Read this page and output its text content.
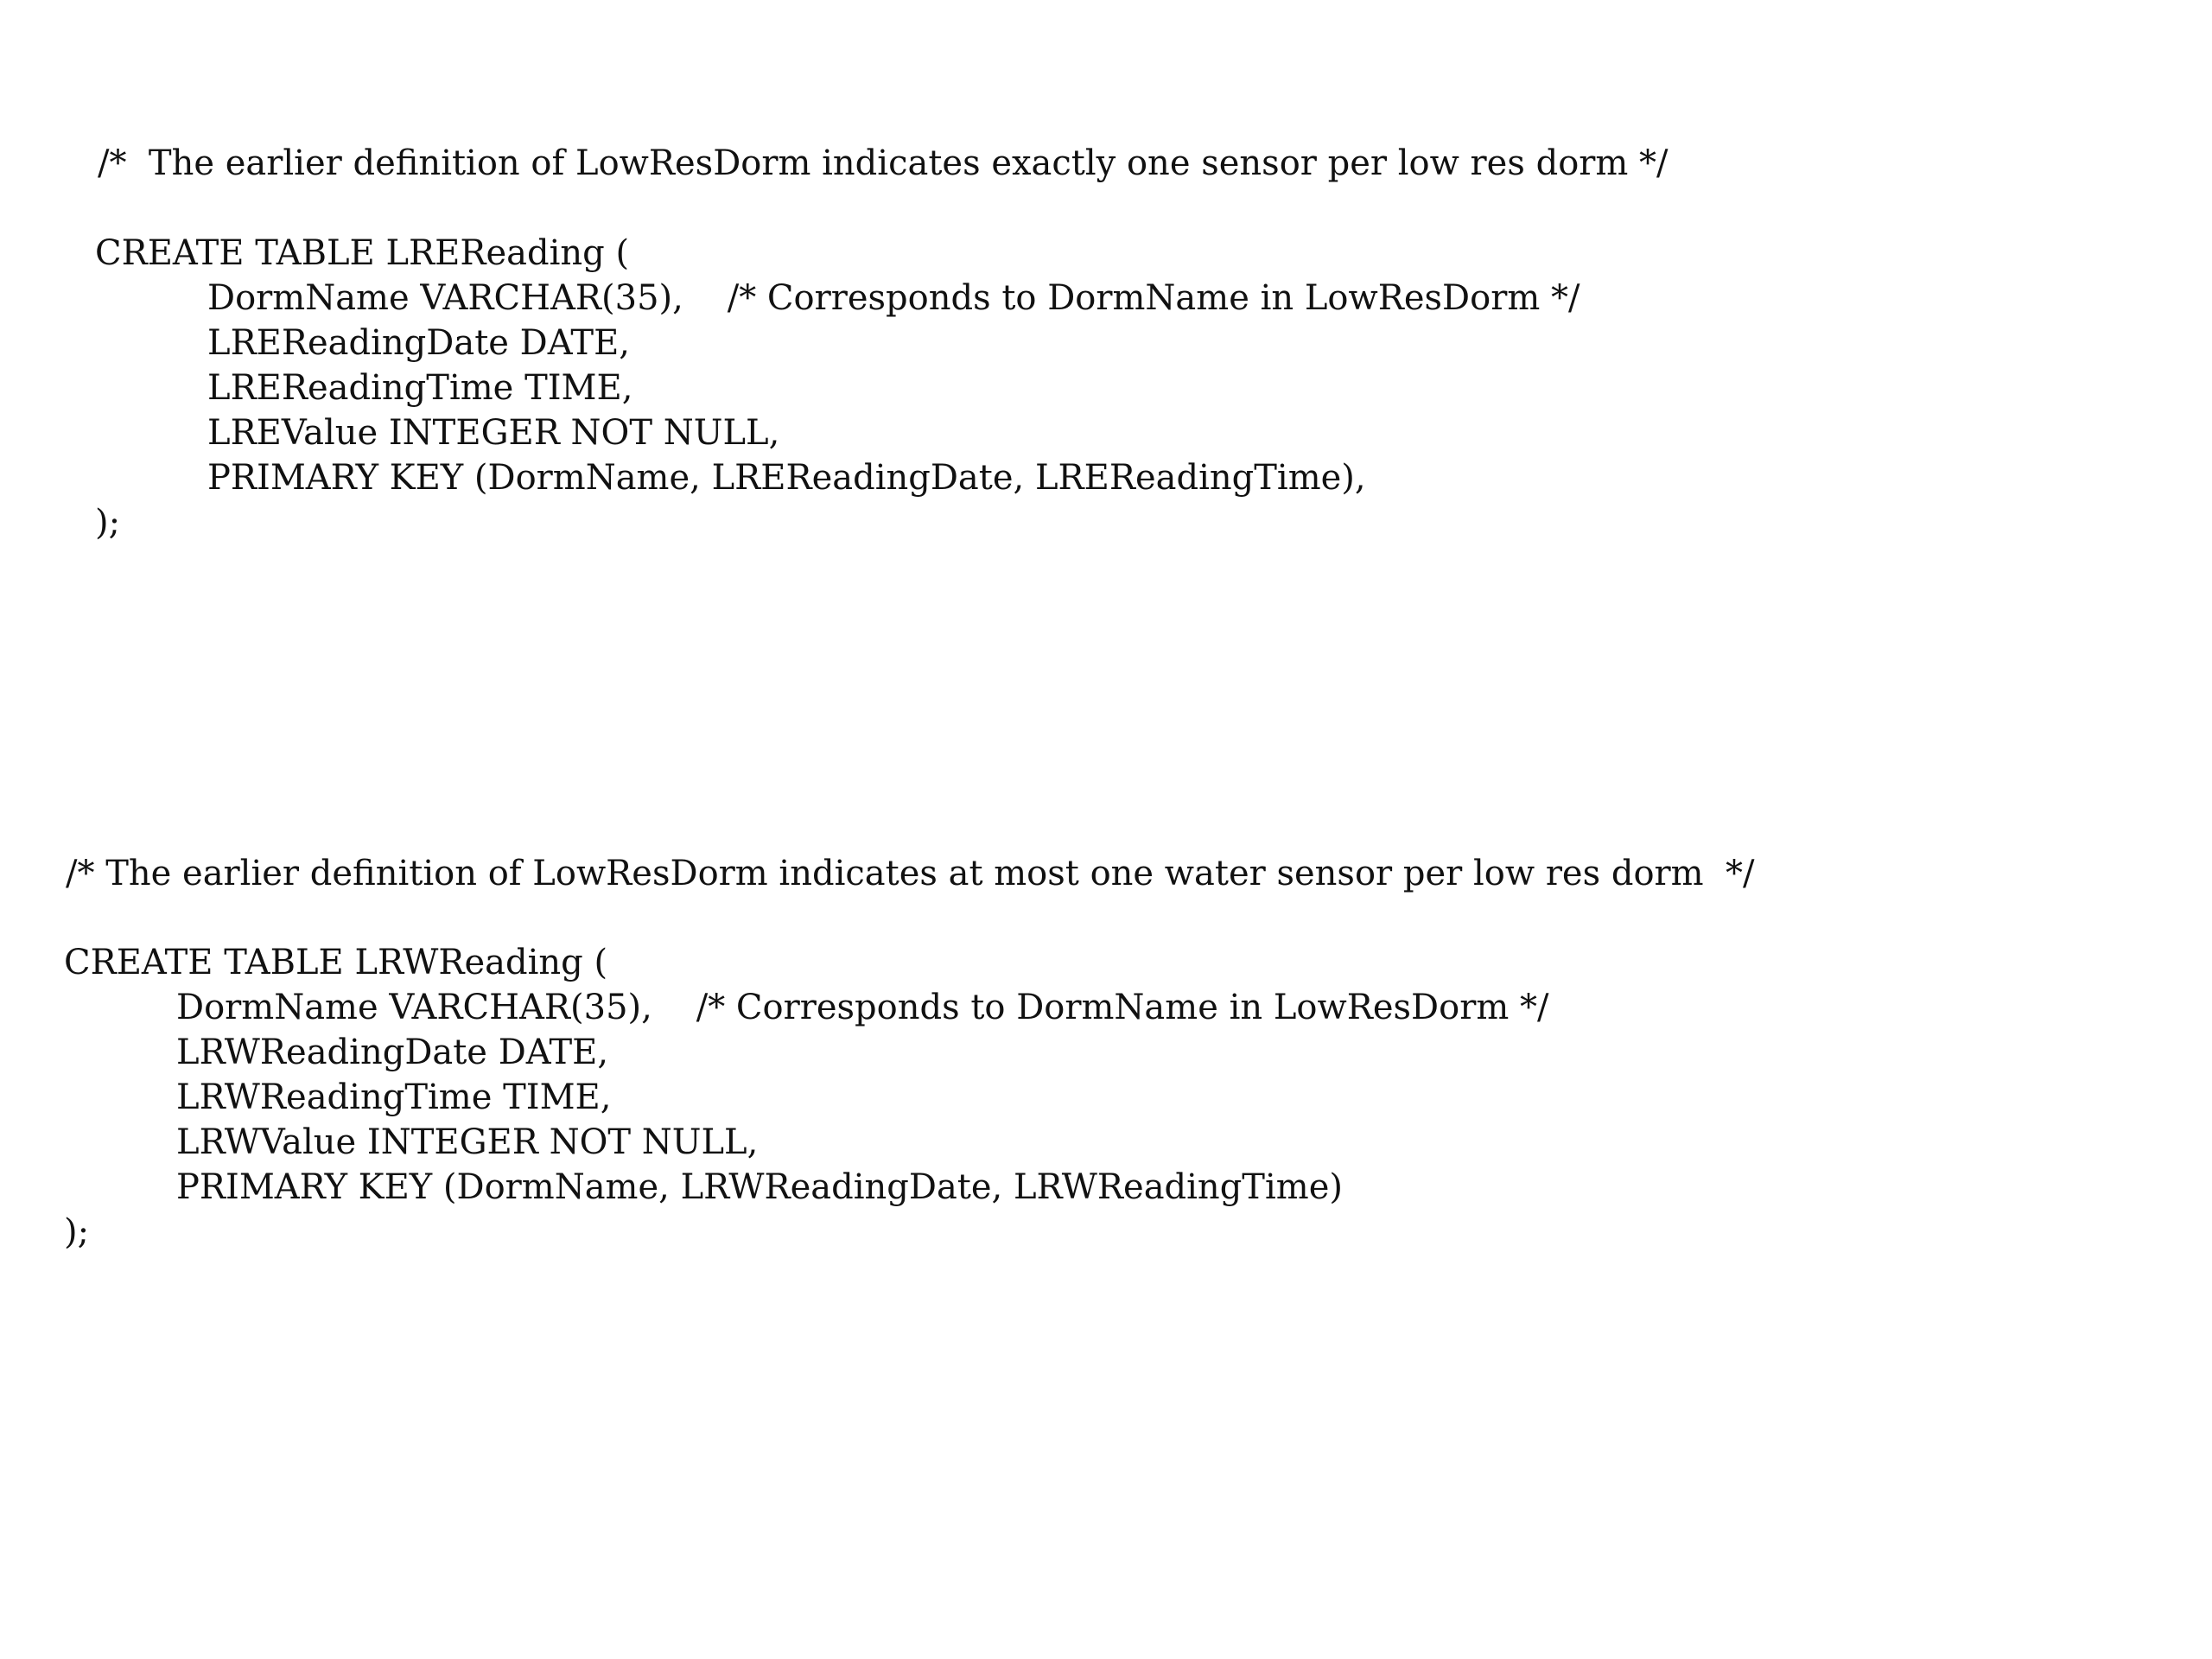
/*  The earlier definition of LowResDorm indicates exactly one sensor per low res dorm */
CREATE TABLE LREReading (
DormName VARCHAR(35),    /* Corresponds to DormName in LowResDorm */
LREReadingDate DATE,
LREReadingTime TIME,
LREValue INTEGER NOT NULL,
PRIMARY KEY (DormName, LREReadingDate, LREReadingTime),
);
/* The earlier definition of LowResDorm indicates at most one water sensor per low res dorm  */
CREATE TABLE LRWReading (
DormName VARCHAR(35),    /* Corresponds to DormName in LowResDorm */
LRWReadingDate DATE,
LRWReadingTime TIME,
LRWValue INTEGER NOT NULL,
PRIMARY KEY (DormName, LRWReadingDate, LRWReadingTime)
);
